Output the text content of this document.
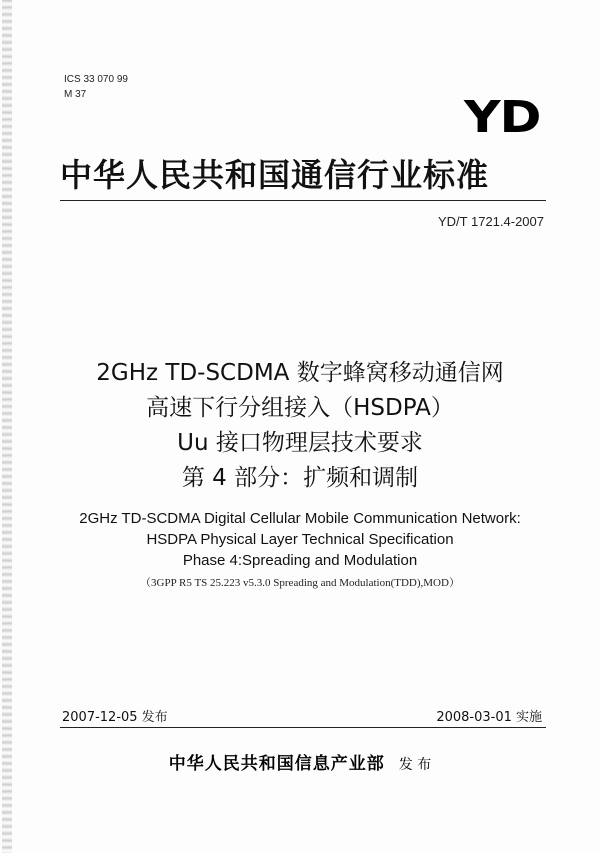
ICS 33 070 99
M 37	YD
中华人民共和国通信行业标准
YD/T 1721.4-2007
2GHz TD-SCDMA 数字蜂窝移动通信网
高速下行分组接入（HSDPA）
Uu 接口物理层技术要求
第 4 部分：扩频和调制
2GHz TD-SCDMA Digital Cellular Mobile Communication Network:
HSDPA Physical Layer Technical Specification
Phase 4:Spreading and Modulation
（3GPP R5 TS 25.223 v5.3.0 Spreading and Modulation(TDD),MOD）
2007-12-05 发布	2008-03-01 实施
中华人民共和国信息产业部 发 布
